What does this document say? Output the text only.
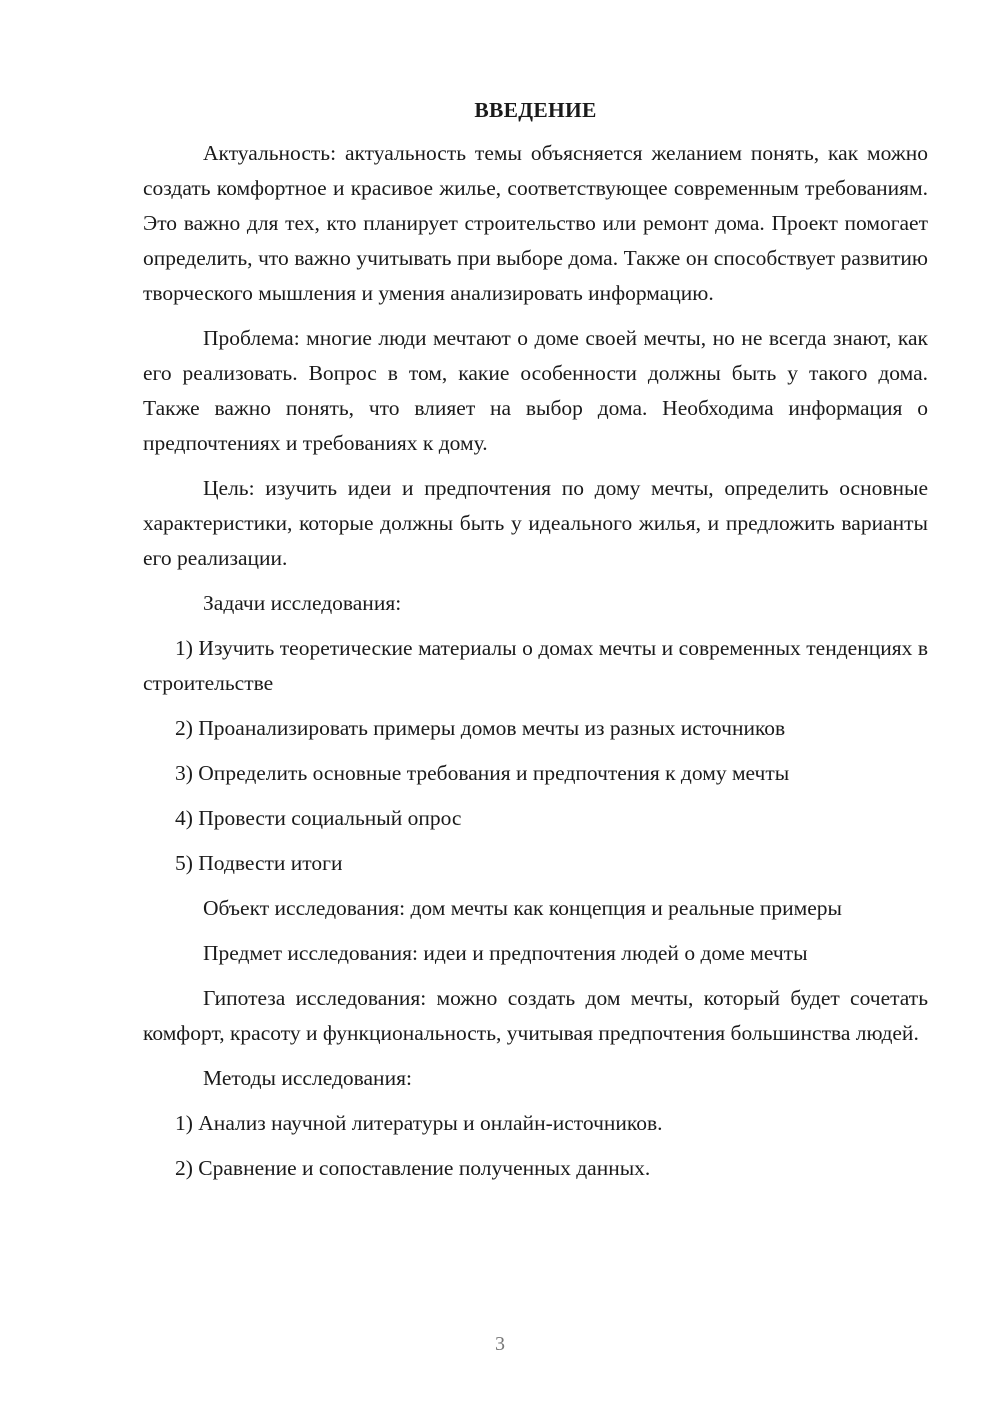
ВВЕДЕНИЕ

Актуальность: актуальность темы объясняется желанием понять, как можно создать комфортное и красивое жилье, соответствующее современным требованиям. Это важно для тех, кто планирует строительство или ремонт дома. Проект помогает определить, что важно учитывать при выборе дома. Также он способствует развитию творческого мышления и умения анализировать информацию.

Проблема: многие люди мечтают о доме своей мечты, но не всегда знают, как его реализовать. Вопрос в том, какие особенности должны быть у такого дома. Также важно понять, что влияет на выбор дома. Необходима информация о предпочтениях и требованиях к дому.

Цель: изучить идеи и предпочтения по дому мечты, определить основные характеристики, которые должны быть у идеального жилья, и предложить варианты его реализации.

Задачи исследования:

1) Изучить теоретические материалы о домах мечты и современных тенденциях в строительстве

2) Проанализировать примеры домов мечты из разных источников

3) Определить основные требования и предпочтения к дому мечты

4) Провести социальный опрос

5) Подвести итоги

Объект исследования: дом мечты как концепция и реальные примеры

Предмет исследования: идеи и предпочтения людей о доме мечты

Гипотеза исследования: можно создать дом мечты, который будет сочетать комфорт, красоту и функциональность, учитывая предпочтения большинства людей.

Методы исследования:

1) Анализ научной литературы и онлайн-источников.

2) Сравнение и сопоставление полученных данных.

3
